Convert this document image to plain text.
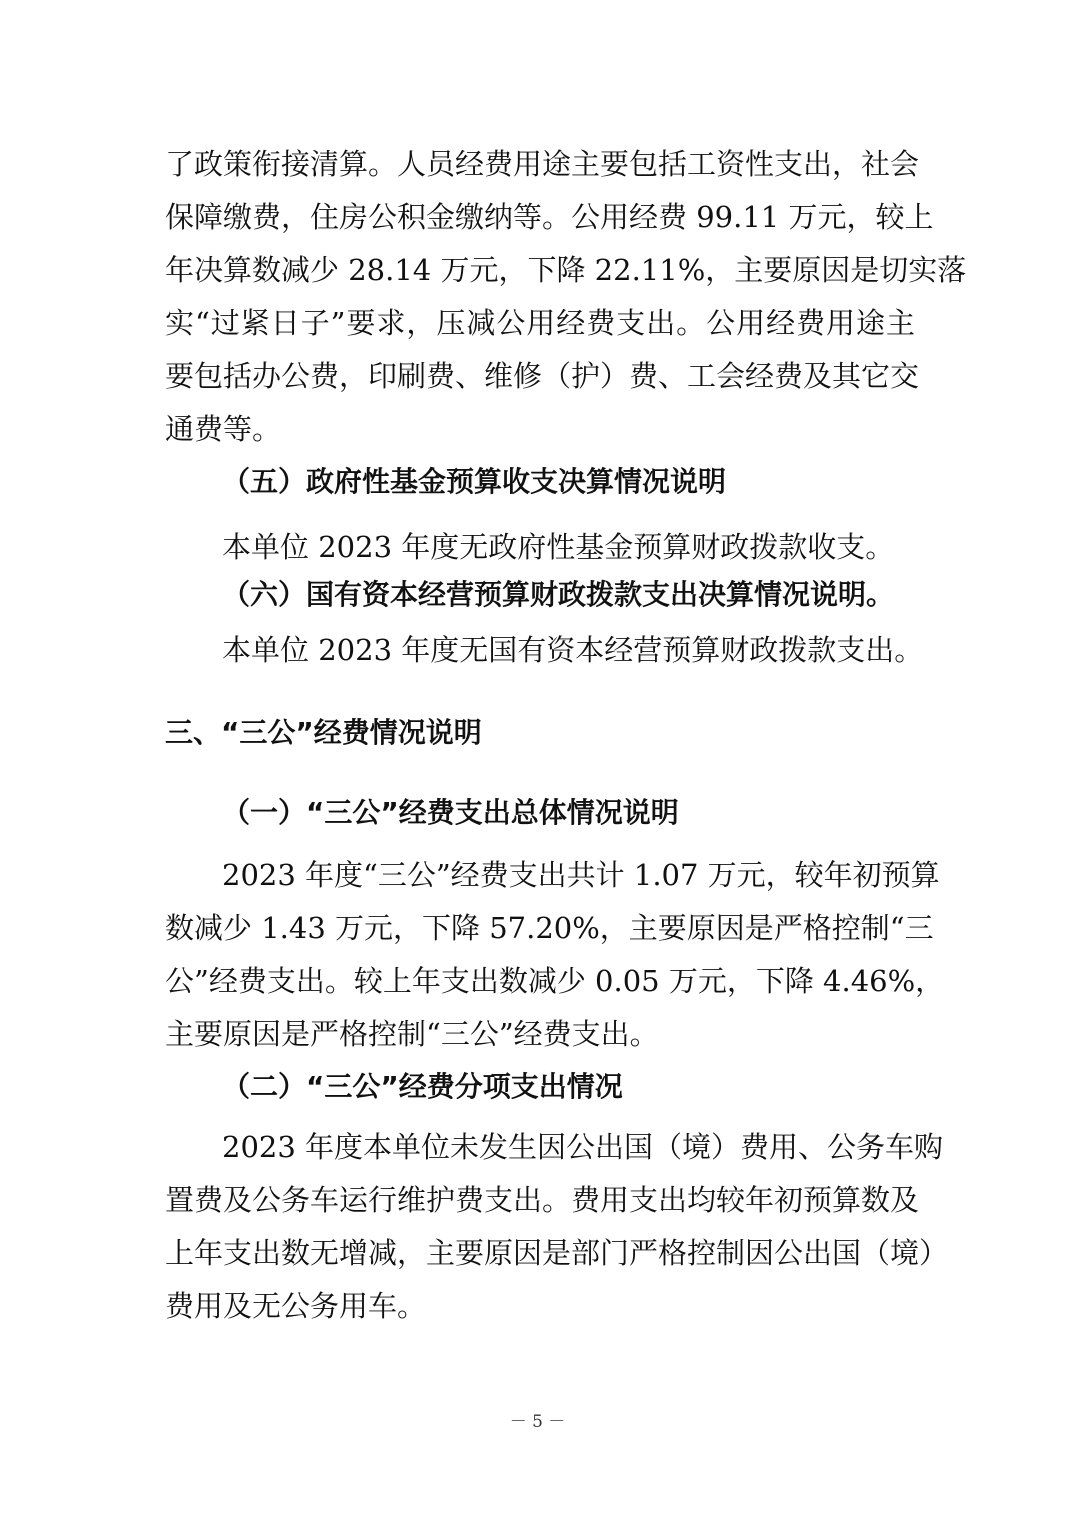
了政策衔接清算。人员经费用途主要包括工资性支出，社会
保障缴费，住房公积金缴纳等。公用经费 99.11 万元，较上
年决算数减少 28.14 万元，下降 22.11%，主要原因是切实落
实“过紧日子”要求，压减公用经费支出。公用经费用途主
要包括办公费，印刷费、维修（护）费、工会经费及其它交
通费等。
（五）政府性基金预算收支决算情况说明
本单位 2023 年度无政府性基金预算财政拨款收支。
（六）国有资本经营预算财政拨款支出决算情况说明。
本单位 2023 年度无国有资本经营预算财政拨款支出。
三、“三公”经费情况说明
（一）“三公”经费支出总体情况说明
2023 年度“三公”经费支出共计 1.07 万元，较年初预算
数减少 1.43 万元，下降 57.20%，主要原因是严格控制“三
公”经费支出。较上年支出数减少 0.05 万元，下降 4.46%，
主要原因是严格控制“三公”经费支出。
（二）“三公”经费分项支出情况
2023 年度本单位未发生因公出国（境）费用、公务车购
置费及公务车运行维护费支出。费用支出均较年初预算数及
上年支出数无增减，主要原因是部门严格控制因公出国（境）
费用及无公务用车。
－ 5 －
